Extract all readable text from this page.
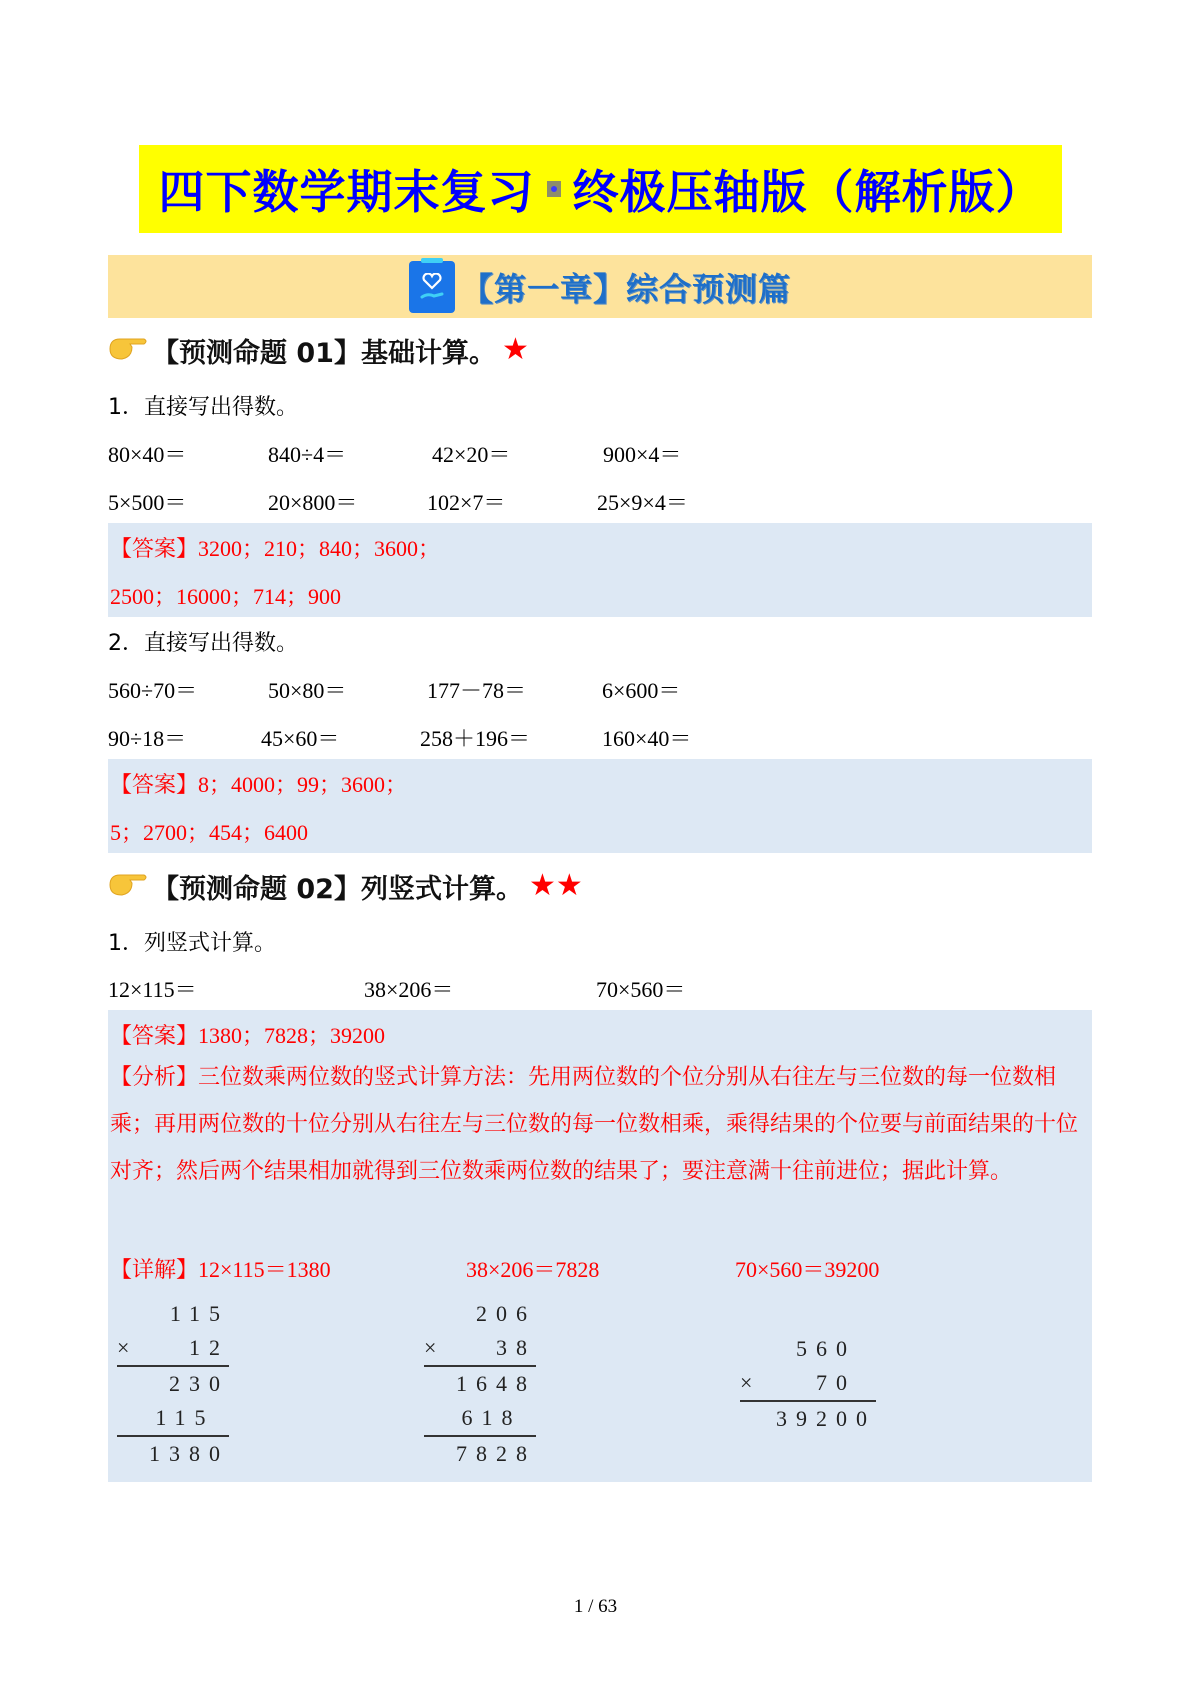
四下数学期末复习 终极压轴版（解析版）
【第一章】综合预测篇
【预测命题 01】基础计算。 ★
1．直接写出得数。
80×40＝	840÷4＝	42×20＝	900×4＝
5×500＝	20×800＝	102×7＝	25×9×4＝
【答案】3200；210；840；3600；
2500；16000；714；900
2．直接写出得数。
560÷70＝	50×80＝	177－78＝	6×600＝
90÷18＝	45×60＝	258＋196＝	160×40＝
【答案】8；4000；99；3600；
5；2700；454；6400
【预测命题 02】列竖式计算。 ★★
1．列竖式计算。
12×115＝	38×206＝	70×560＝
【答案】1380；7828；39200
【分析】三位数乘两位数的竖式计算方法：先用两位数的个位分别从右往左与三位数的每一位数相乘；再用两位数的十位分别从右往左与三位数的每一位数相乘，乘得结果的个位要与前面结果的十位对齐；然后两个结果相加就得到三位数乘两位数的结果了；要注意满十往前进位；据此计算。
【详解】12×115＝1380	38×206＝7828	70×560＝39200
115
×	12
230
115
1380
206
×	38
1648
618
7828
560
×	70
39200
1 / 63
